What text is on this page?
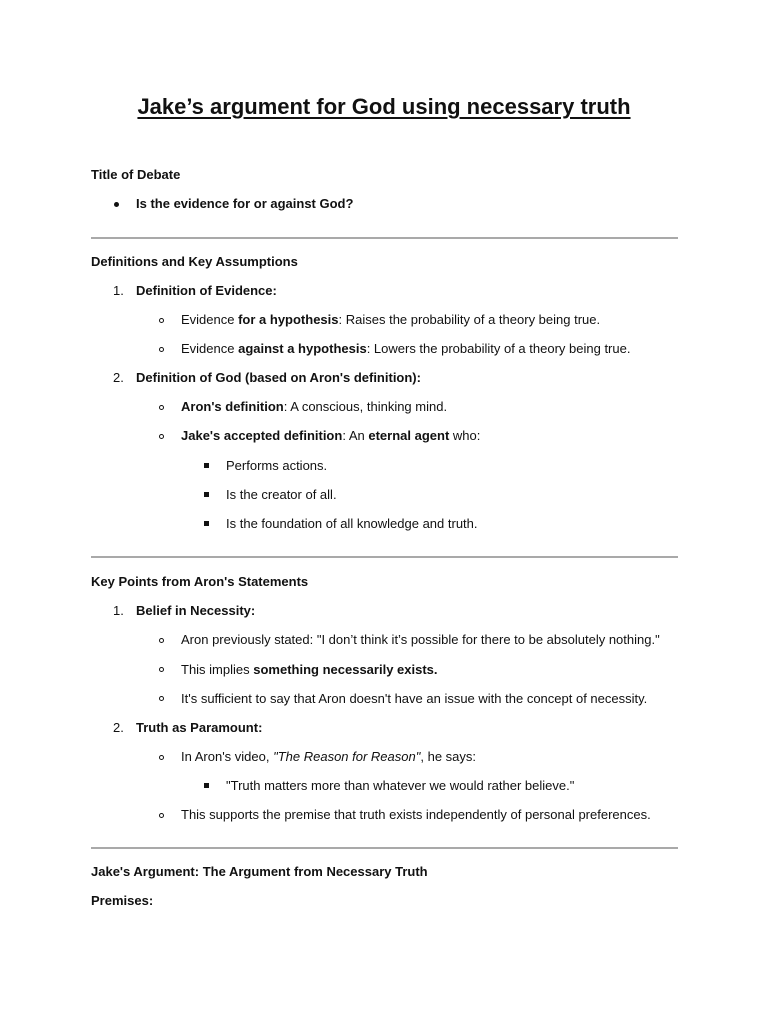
Jake’s argument for God using necessary truth
Title of Debate
Is the evidence for or against God?
Definitions and Key Assumptions
1. Definition of Evidence:
Evidence for a hypothesis: Raises the probability of a theory being true.
Evidence against a hypothesis: Lowers the probability of a theory being true.
2. Definition of God (based on Aron's definition):
Aron's definition: A conscious, thinking mind.
Jake's accepted definition: An eternal agent who:
Performs actions.
Is the creator of all.
Is the foundation of all knowledge and truth.
Key Points from Aron's Statements
1. Belief in Necessity:
Aron previously stated: "I don’t think it’s possible for there to be absolutely nothing."
This implies something necessarily exists.
It's sufficient to say that Aron doesn't have an issue with the concept of necessity.
2. Truth as Paramount:
In Aron's video, "The Reason for Reason", he says:
"Truth matters more than whatever we would rather believe."
This supports the premise that truth exists independently of personal preferences.
Jake's Argument: The Argument from Necessary Truth
Premises:
